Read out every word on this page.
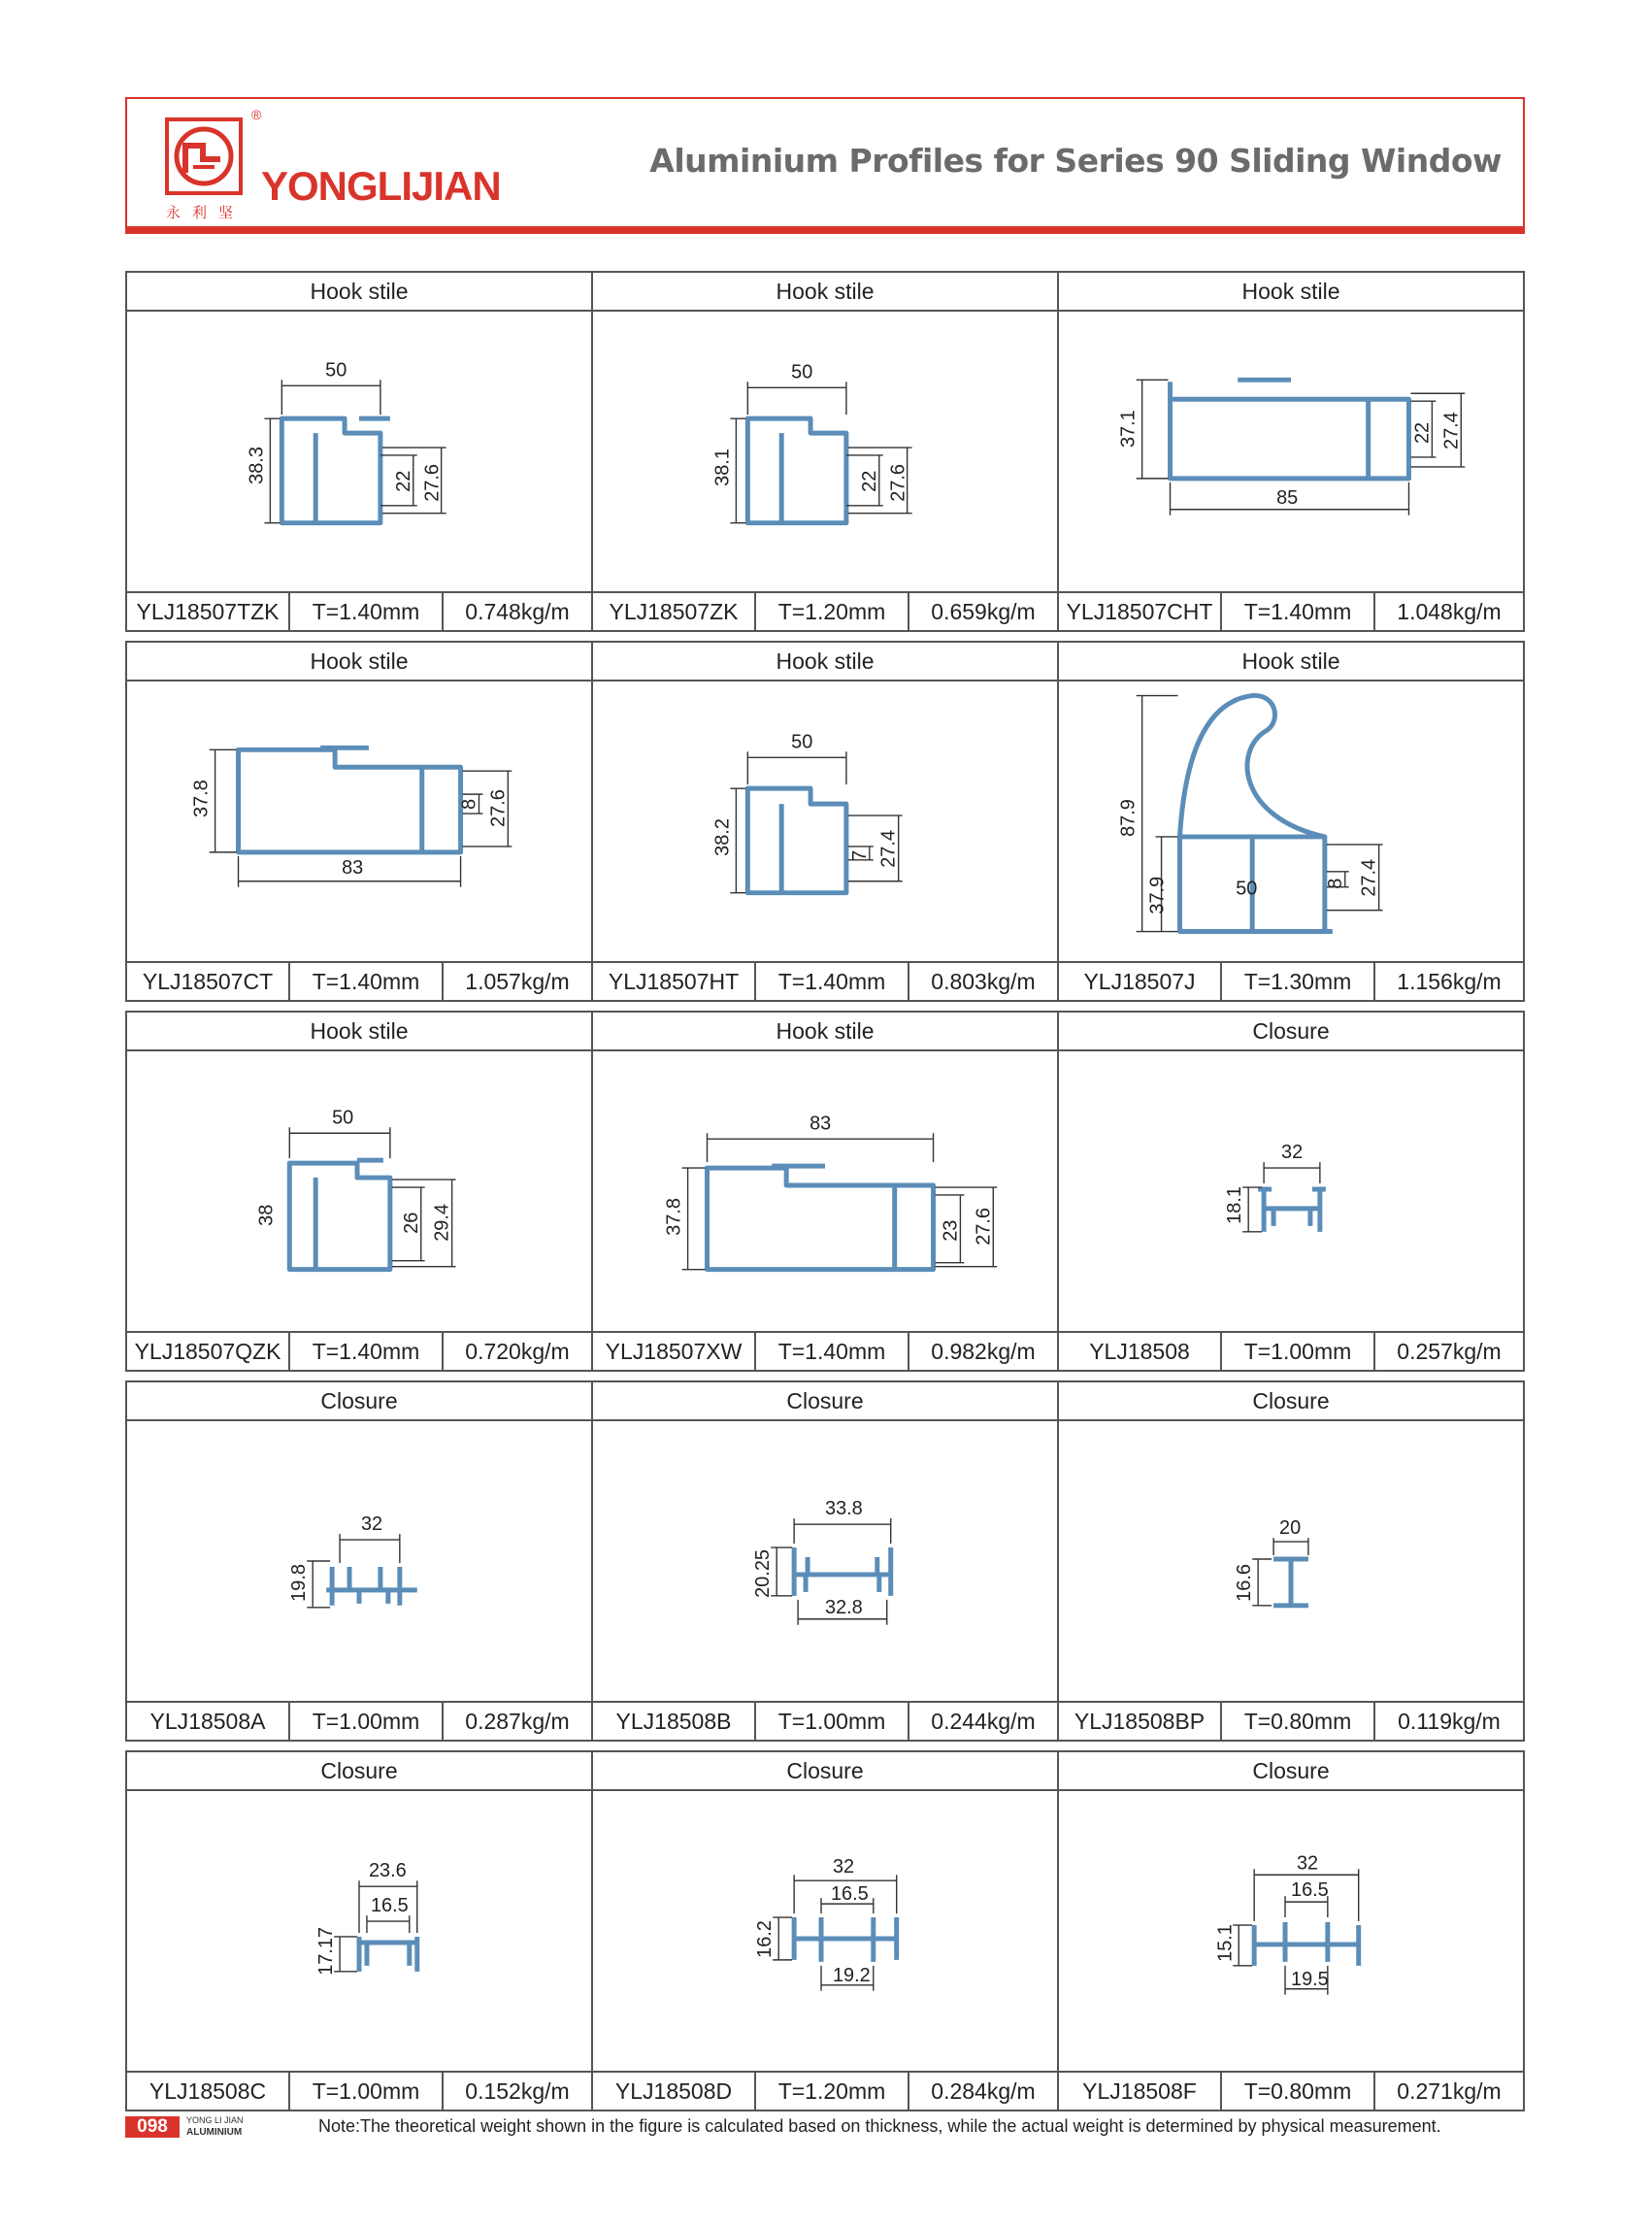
®
永利坚
YONGLIJIAN
Aluminium Profiles for Series 90 Sliding Window
Hook stile
50
38.3	22 27.6
YLJ18507TZK	T=1.40mm	0.748kg/m
Hook stile
50
38.1	22 27.6
YLJ18507ZK	T=1.20mm	0.659kg/m
Hook stile
37.1
85
22 27.4
YLJ18507CHT	T=1.40mm	1.048kg/m
Hook stile
37.8
83
8 27.6
YLJ18507CT	T=1.40mm	1.057kg/m
Hook stile
50
38.2	7 27.4
YLJ18507HT	T=1.40mm	0.803kg/m
Hook stile
87.9
37.9	50	8 27.4
YLJ18507J	T=1.30mm	1.156kg/m
Hook stile
50
38	26 29.4
YLJ18507QZK	T=1.40mm	0.720kg/m
Hook stile
83
37.8	23 27.6
YLJ18507XW	T=1.40mm	0.982kg/m
Closure
32
18.1
YLJ18508	T=1.00mm	0.257kg/m
Closure
32
19.8
YLJ18508A	T=1.00mm	0.287kg/m
Closure
33.8
20.25
32.8
YLJ18508B	T=1.00mm	0.244kg/m
Closure
20
16.6
YLJ18508BP	T=0.80mm	0.119kg/m
Closure
23.6
16.5
17.17
YLJ18508C	T=1.00mm	0.152kg/m
Closure
32
16.5
16.2
19.2
YLJ18508D	T=1.20mm	0.284kg/m
Closure
32
16.5
15.1
19.5
YLJ18508F	T=0.80mm	0.271kg/m
098	YONG LI JIAN
ALUMINIUM	Note:The theoretical weight shown in the figure is calculated based on thickness, while the actual weight is determined by physical measurement.
